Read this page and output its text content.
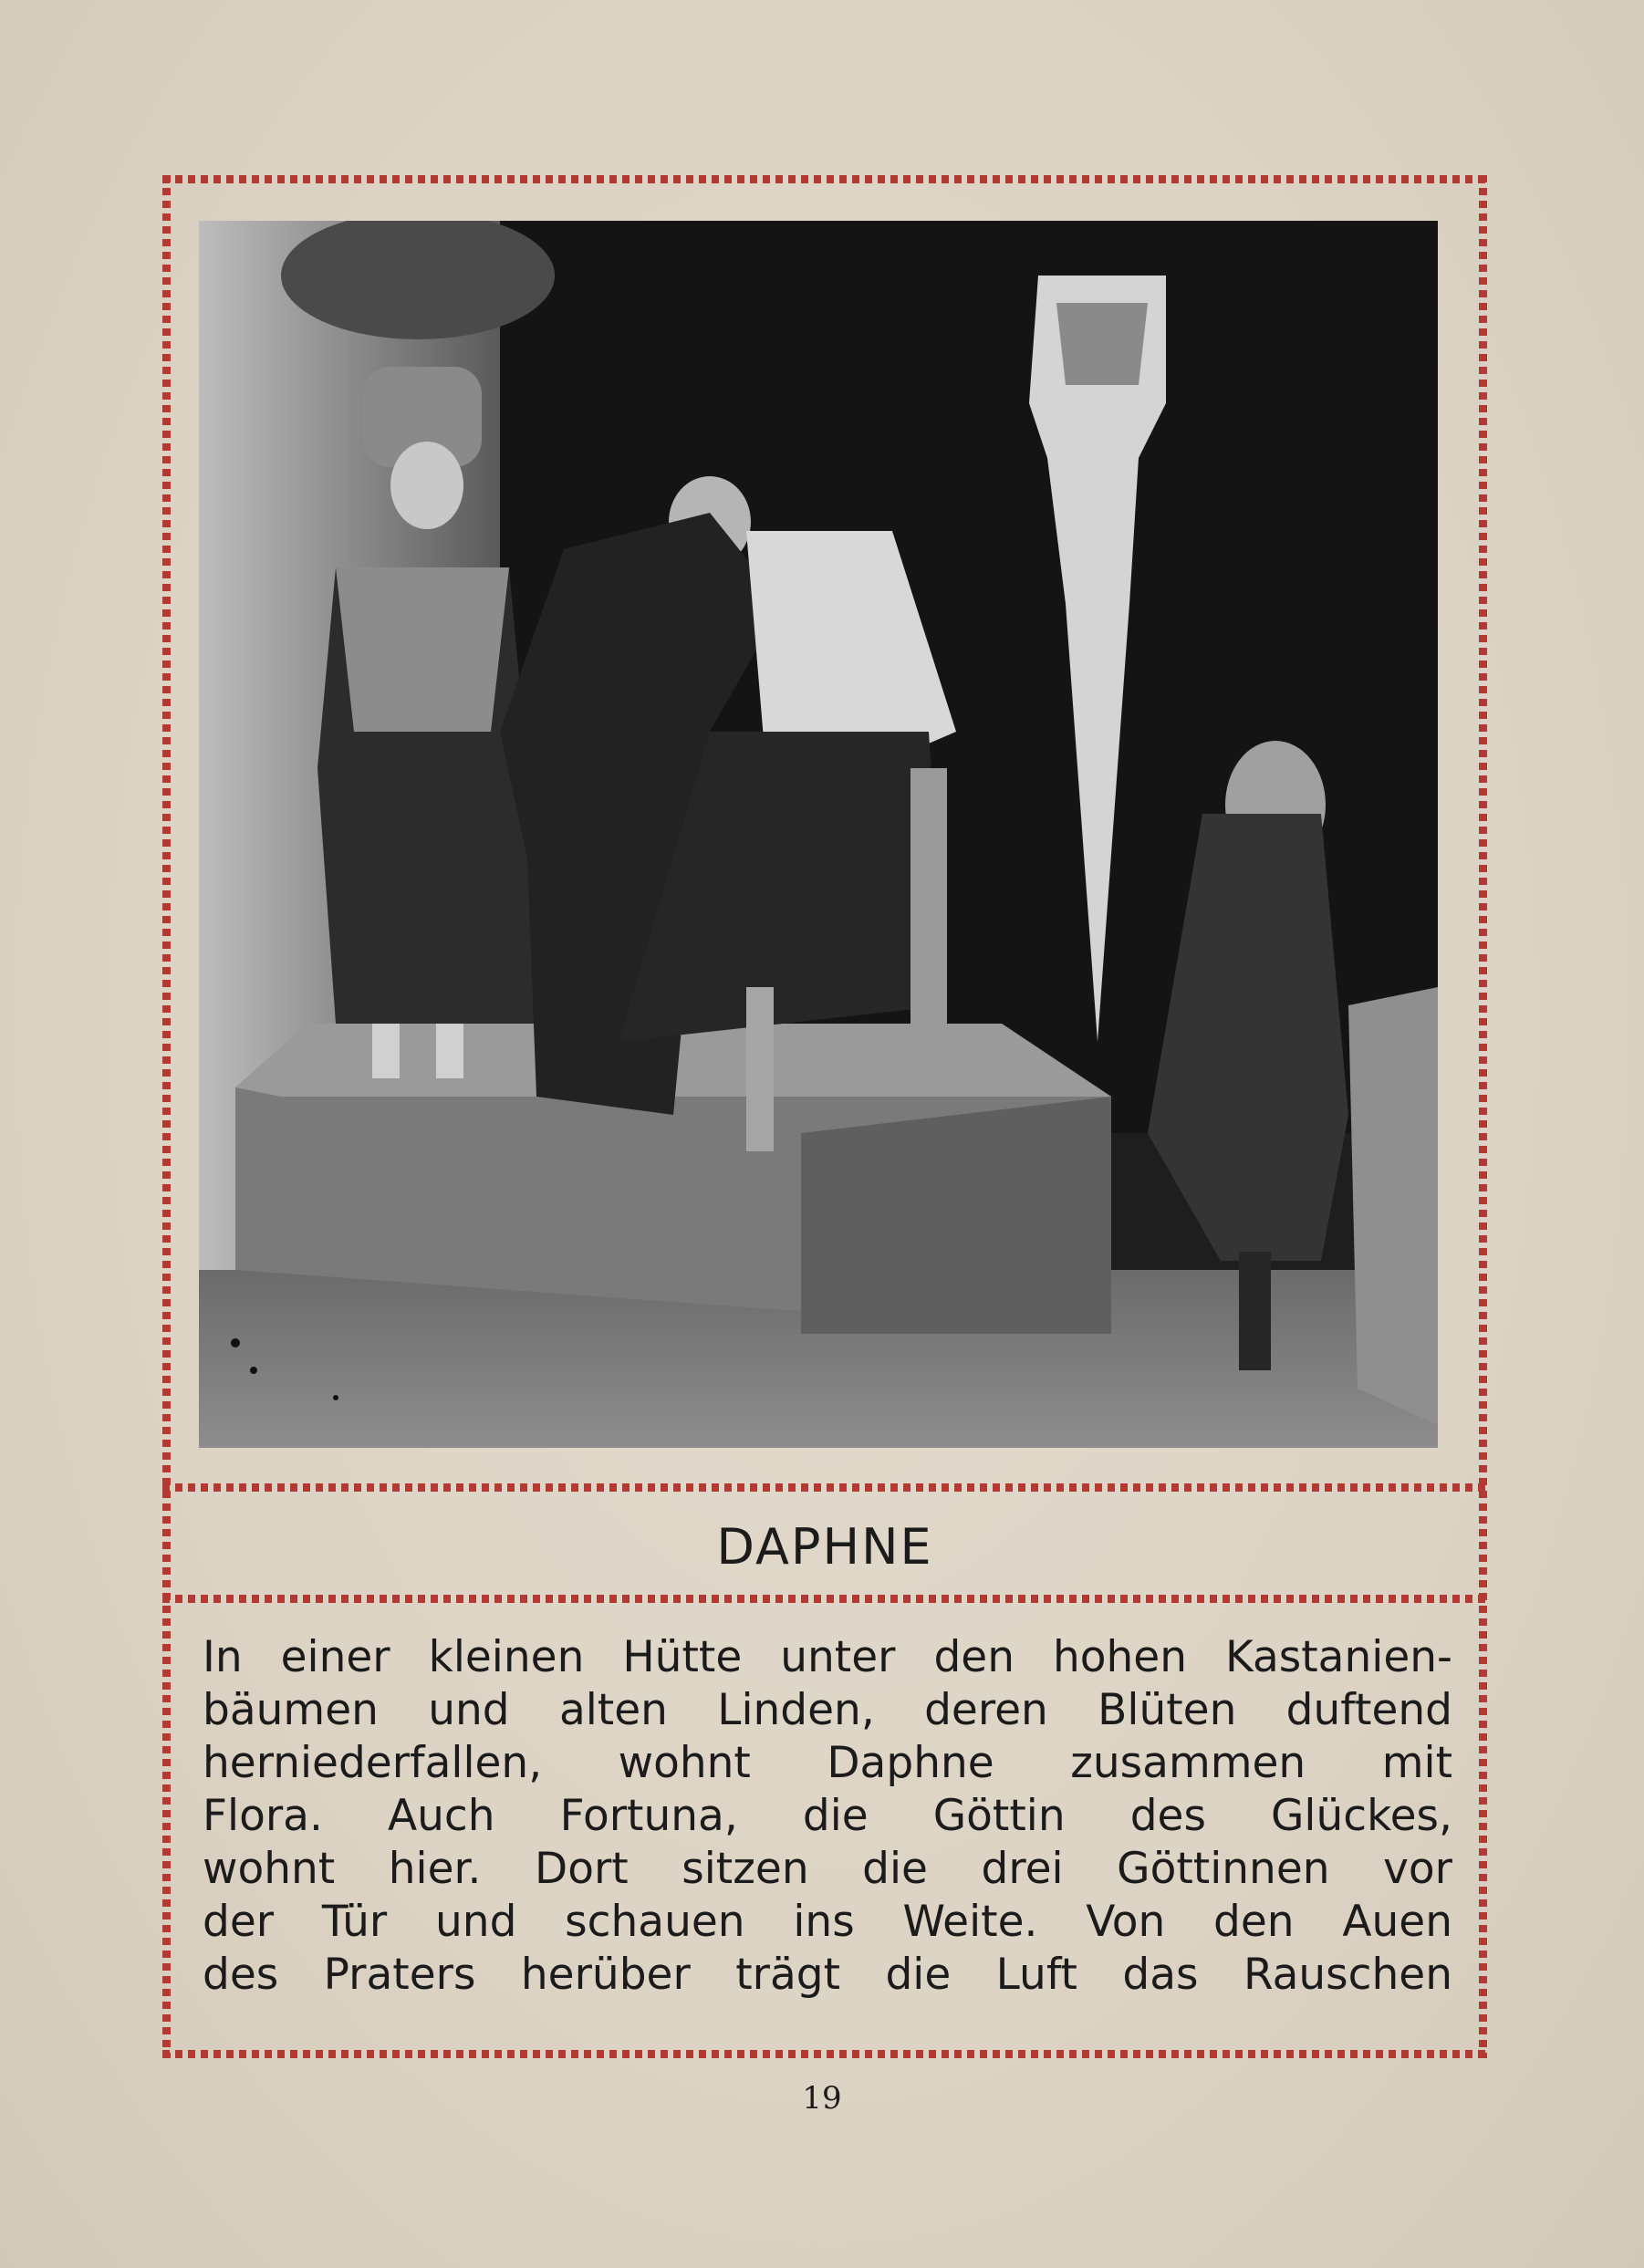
DAPHNE
In einer kleinen Hütte unter den hohen Kastanien-
bäumen und alten Linden, deren Blüten duftend
herniederfallen, wohnt Daphne zusammen mit
Flora. Auch Fortuna, die Göttin des Glückes,
wohnt hier. Dort sitzen die drei Göttinnen vor
der Tür und schauen ins Weite. Von den Auen
des Praters herüber trägt die Luft das Rauschen
19
